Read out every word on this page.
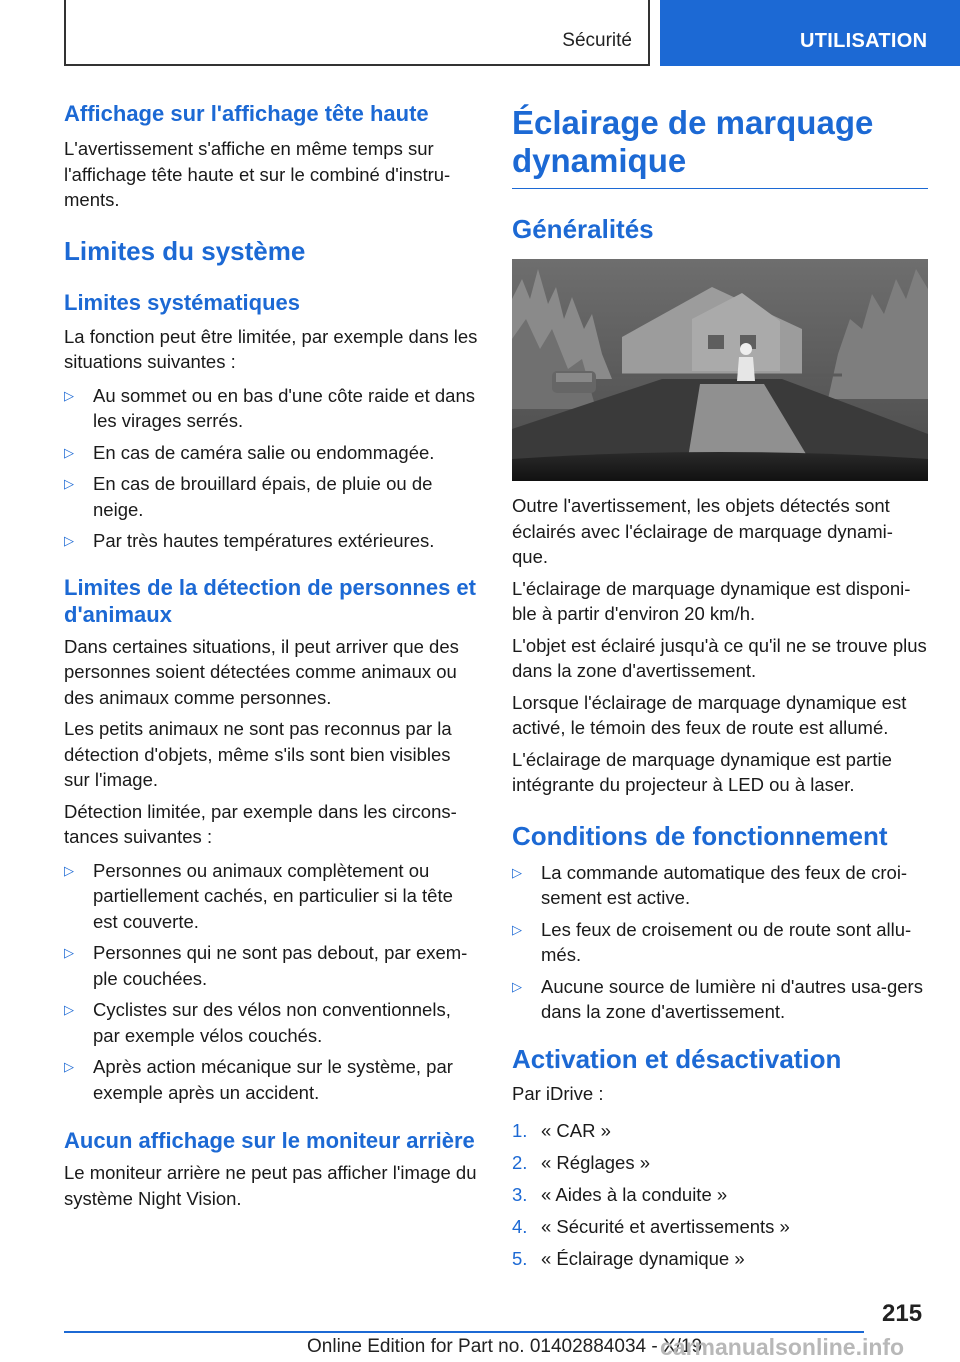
Sécurité	UTILISATION
Affichage sur l'affichage tête haute
L'avertissement s'affiche en même temps sur l'affichage tête haute et sur le combiné d'instru-ments.
Limites du système
Limites systématiques
La fonction peut être limitée, par exemple dans les situations suivantes :
▷ Au sommet ou en bas d'une côte raide et dans les virages serrés.
▷ En cas de caméra salie ou endommagée.
▷ En cas de brouillard épais, de pluie ou de neige.
▷ Par très hautes températures extérieures.
Limites de la détection de personnes et d'animaux
Dans certaines situations, il peut arriver que des personnes soient détectées comme animaux ou des animaux comme personnes.
Les petits animaux ne sont pas reconnus par la détection d'objets, même s'ils sont bien visibles sur l'image.
Détection limitée, par exemple dans les circons-tances suivantes :
▷ Personnes ou animaux complètement ou partiellement cachés, en particulier si la tête est couverte.
▷ Personnes qui ne sont pas debout, par exem-ple couchées.
▷ Cyclistes sur des vélos non conventionnels, par exemple vélos couchés.
▷ Après action mécanique sur le système, par exemple après un accident.
Aucun affichage sur le moniteur arrière
Le moniteur arrière ne peut pas afficher l'image du système Night Vision.
Éclairage de marquage dynamique
Généralités
Outre l'avertissement, les objets détectés sont éclairés avec l'éclairage de marquage dynami-que.
L'éclairage de marquage dynamique est disponi-ble à partir d'environ 20 km/h.
L'objet est éclairé jusqu'à ce qu'il ne se trouve plus dans la zone d'avertissement.
Lorsque l'éclairage de marquage dynamique est activé, le témoin des feux de route est allumé.
L'éclairage de marquage dynamique est partie intégrante du projecteur à LED ou à laser.
Conditions de fonctionnement
▷ La commande automatique des feux de croi-sement est active.
▷ Les feux de croisement ou de route sont allu-més.
▷ Aucune source de lumière ni d'autres usa-gers dans la zone d'avertissement.
Activation et désactivation
Par iDrive :
1. « CAR »
2. « Réglages »
3. « Aides à la conduite »
4. « Sécurité et avertissements »
5. « Éclairage dynamique »
215
Online Edition for Part no. 01402884034 - X/19
carmanualsonline.info
